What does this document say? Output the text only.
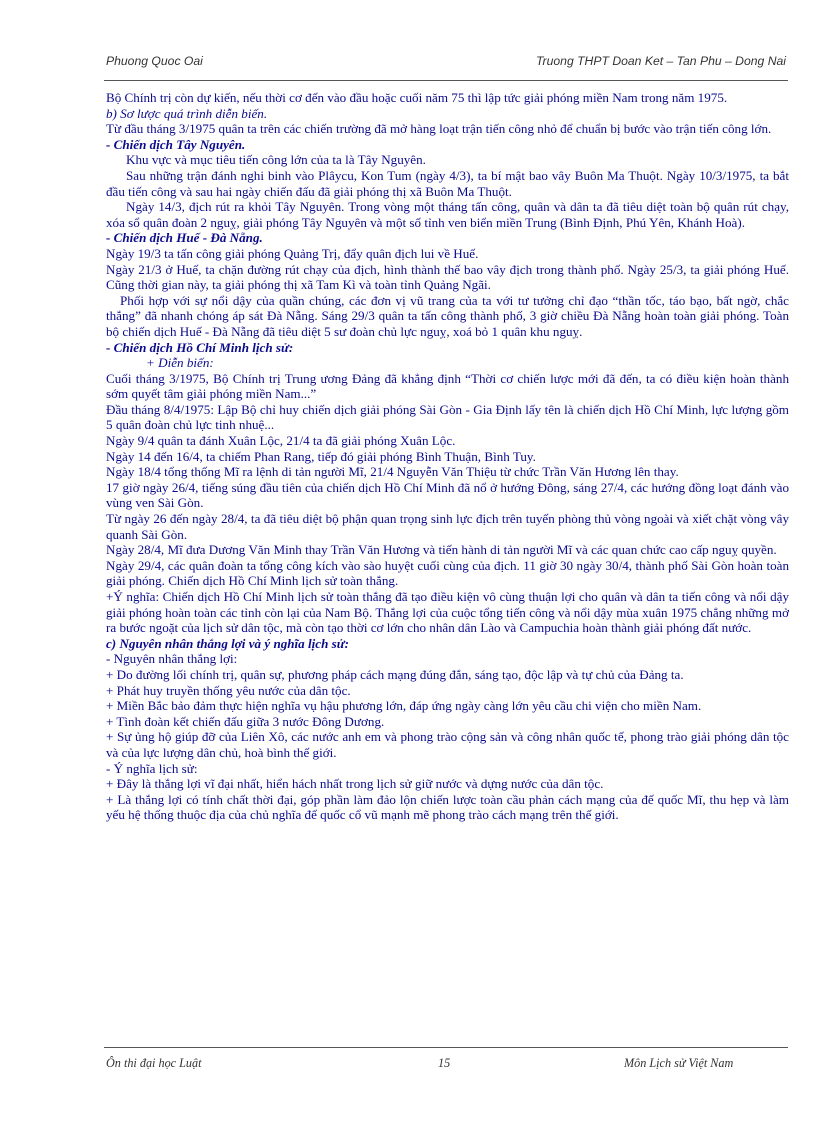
Phuong Quoc Oai	Truong THPT Doan Ket – Tan Phu – Dong Nai

Bộ Chính trị còn dự kiến, nếu thời cơ đến vào đầu hoặc cuối năm 75 thì lập tức giải phóng miền Nam trong năm 1975.

b) Sơ lược quá trình diễn biến.

Từ đầu tháng 3/1975 quân ta trên các chiến trường đã mở hàng loạt trận tiến công nhỏ để chuẩn bị bước vào trận tiến công lớn.

- Chiến dịch Tây Nguyên.

Khu vực và mục tiêu tiến công lớn của ta là Tây Nguyên.

Sau những trận đánh nghi binh vào Plâycu, Kon Tum (ngày 4/3), ta bí mật bao vây Buôn Ma Thuột. Ngày 10/3/1975, ta bắt đầu tiến công và sau hai ngày chiến đấu đã giải phóng thị xã Buôn Ma Thuột.

Ngày 14/3, địch rút ra khỏi Tây Nguyên. Trong vòng một tháng tấn công, quân và dân ta đã tiêu diệt toàn bộ quân rút chạy, xóa sổ quân đoàn 2 nguỵ, giải phóng Tây Nguyên và một số tỉnh ven biển miền Trung (Bình Định, Phú Yên, Khánh Hoà).

- Chiến dịch Huế - Đà Nẵng.

Ngày 19/3 ta tấn công giải phóng Quảng Trị, đẩy quân địch lui về Huế.

Ngày 21/3 ở Huế, ta chặn đường rút chạy của địch, hình thành thế bao vây địch trong thành phố. Ngày 25/3, ta giải phóng Huế. Cũng thời gian này, ta giải phóng thị xã Tam Kì và toàn tỉnh Quảng Ngãi.

Phối hợp với sự nổi dậy của quần chúng, các đơn vị vũ trang của ta với tư tưởng chỉ đạo “thần tốc, táo bạo, bất ngờ, chắc thắng” đã nhanh chóng áp sát Đà Nẵng. Sáng 29/3 quân ta tấn công thành phố, 3 giờ chiều Đà Nẵng hoàn toàn giải phóng. Toàn bộ chiến dịch Huế - Đà Nẵng đã tiêu diệt 5 sư đoàn chủ lực nguỵ, xoá bỏ 1 quân khu nguỵ.

- Chiến dịch Hồ Chí Minh lịch sử:

+ Diễn biến:

Cuối tháng 3/1975, Bộ Chính trị Trung ương Đảng đã khẳng định “Thời cơ chiến lược mới đã đến, ta có điều kiện hoàn thành sớm quyết tâm giải phóng miền Nam...”

Đầu tháng 8/4/1975: Lập Bộ chỉ huy chiến dịch giải phóng Sài Gòn - Gia Định lấy tên là chiến dịch Hồ Chí Minh, lực lượng gồm 5 quân đoàn chủ lực tinh nhuệ...

Ngày 9/4 quân ta đánh Xuân Lộc, 21/4 ta đã giải phóng Xuân Lộc.

Ngày 14 đến 16/4, ta chiếm Phan Rang, tiếp đó giải phóng Bình Thuận, Bình Tuy.

Ngày 18/4 tổng thống Mĩ ra lệnh di tản người Mĩ, 21/4 Nguyễn Văn Thiệu từ chức Trần Văn Hương lên thay.

17 giờ ngày 26/4, tiếng súng đầu tiên của chiến dịch Hồ Chí Minh đã nổ ở hướng Đông, sáng 27/4, các hướng đồng loạt đánh vào vùng ven Sài Gòn.

Từ ngày 26 đến ngày 28/4, ta đã tiêu diệt bộ phận quan trọng sinh lực địch trên tuyến phòng thủ vòng ngoài và xiết chặt vòng vây quanh Sài Gòn.

Ngày 28/4, Mĩ đưa Dương Văn Minh thay Trần Văn Hương và tiến hành di tản người Mĩ và các quan chức cao cấp nguỵ quyền.

Ngày 29/4, các quân đoàn ta tổng công kích vào sào huyệt cuối cùng của địch. 11 giờ 30 ngày 30/4, thành phố Sài Gòn hoàn toàn giải phóng. Chiến dịch Hồ Chí Minh lịch sử toàn thắng.

+Ý nghĩa: Chiến dịch Hồ Chí Minh lịch sử toàn thắng đã tạo điều kiện vô cùng thuận lợi cho quân và dân ta tiến công và nổi dậy giải phóng hoàn toàn các tỉnh còn lại của Nam Bộ. Thắng lợi của cuộc tổng tiến công và nổi dậy mùa xuân 1975 chẳng những mở ra bước ngoặt của lịch sử dân tộc, mà còn tạo thời cơ lớn cho nhân dân Lào và Campuchia hoàn thành giải phóng đất nước.

c) Nguyên nhân thắng lợi và ý nghĩa lịch sử:

- Nguyên nhân thắng lợi:

+ Do đường lối chính trị, quân sự, phương pháp cách mạng đúng đắn, sáng tạo, độc lập và tự chủ của Đảng ta.

+ Phát huy truyền thống yêu nước của dân tộc.

+ Miền Bắc bảo đảm thực hiện nghĩa vụ hậu phương lớn, đáp ứng ngày càng lớn yêu cầu chi viện cho miền Nam.

+ Tình đoàn kết chiến đấu giữa 3 nước Đông Dương.

+ Sự ủng hộ giúp đỡ của Liên Xô, các nước anh em và phong trào cộng sản và công nhân quốc tế, phong trào giải phóng dân tộc và của lực lượng dân chủ, hoà bình thế giới.

- Ý nghĩa lịch sử:

+ Đây là thắng lợi vĩ đại nhất, hiển hách nhất trong lịch sử giữ nước và dựng nước của dân tộc.

+ Là thắng lợi có tính chất thời đại, góp phần làm đảo lộn chiến lược toàn cầu phản cách mạng của đế quốc Mĩ, thu hẹp và làm yếu hệ thống thuộc địa của chủ nghĩa đế quốc cổ vũ mạnh mẽ phong trào cách mạng trên thế giới.

Ôn thi đại học Luật	15	Môn Lịch sử Việt Nam
